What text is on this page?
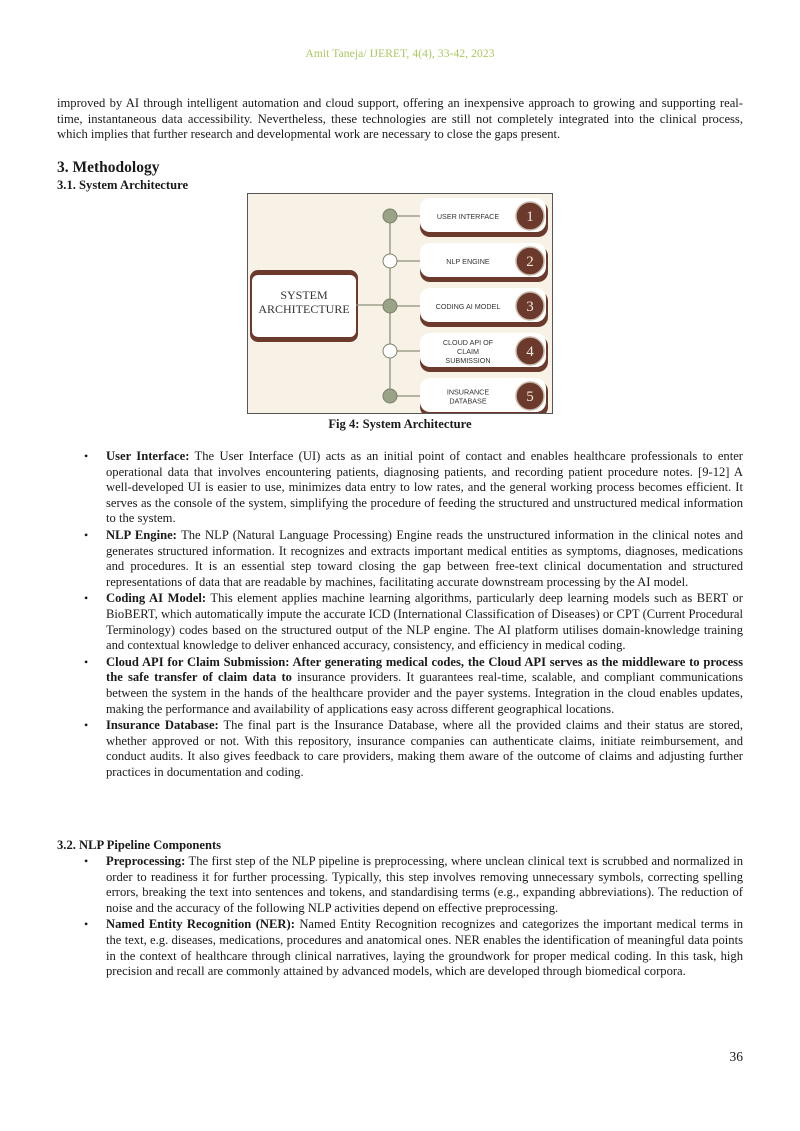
Amit Taneja/ IJERET, 4(4), 33-42, 2023
improved by AI through intelligent automation and cloud support, offering an inexpensive approach to growing and supporting real-time, instantaneous data accessibility. Nevertheless, these technologies are still not completely integrated into the clinical process, which implies that further research and developmental work are necessary to close the gaps present.
3. Methodology
3.1. System Architecture
SYSTEM
ARCHITECTURE
USER INTERFACE 1
NLP ENGINE 2
CODING AI MODEL 3
CLOUD API OF
CLAIM
SUBMISSION
4
INSURANCE
DATABASE	5
Fig 4: System Architecture
• User Interface: The User Interface (UI) acts as an initial point of contact and enables healthcare professionals to enter operational data that involves encountering patients, diagnosing patients, and recording patient procedure notes. [9-12] A well-developed UI is easier to use, minimizes data entry to low rates, and the general working process becomes efficient. It serves as the console of the system, simplifying the procedure of feeding the structured and unstructured medical information to the system.
• NLP Engine: The NLP (Natural Language Processing) Engine reads the unstructured information in the clinical notes and generates structured information. It recognizes and extracts important medical entities as symptoms, diagnoses, medications and procedures. It is an essential step toward closing the gap between free-text clinical documentation and structured representations of data that are readable by machines, facilitating accurate downstream processing by the AI model.
• Coding AI Model: This element applies machine learning algorithms, particularly deep learning models such as BERT or BioBERT, which automatically impute the accurate ICD (International Classification of Diseases) or CPT (Current Procedural Terminology) codes based on the structured output of the NLP engine. The AI platform utilises domain-knowledge training and contextual knowledge to deliver enhanced accuracy, consistency, and efficiency in medical coding.
• Cloud API for Claim Submission: After generating medical codes, the Cloud API serves as the middleware to process the safe transfer of claim data to insurance providers. It guarantees real-time, scalable, and compliant communications between the system in the hands of the healthcare provider and the payer systems. Integration in the cloud enables updates, making the performance and availability of applications easy across different geographical locations.
• Insurance Database: The final part is the Insurance Database, where all the provided claims and their status are stored, whether approved or not. With this repository, insurance companies can authenticate claims, initiate reimbursement, and conduct audits. It also gives feedback to care providers, making them aware of the outcome of claims and adjusting further practices in documentation and coding.
3.2. NLP Pipeline Components
• Preprocessing: The first step of the NLP pipeline is preprocessing, where unclean clinical text is scrubbed and normalized in order to readiness it for further processing. Typically, this step involves removing unnecessary symbols, correcting spelling errors, breaking the text into sentences and tokens, and standardising terms (e.g., expanding abbreviations). The reduction of noise and the accuracy of the following NLP activities depend on effective preprocessing.
• Named Entity Recognition (NER): Named Entity Recognition recognizes and categorizes the important medical terms in the text, e.g. diseases, medications, procedures and anatomical ones. NER enables the identification of meaningful data points in the context of healthcare through clinical narratives, laying the groundwork for proper medical coding. In this task, high precision and recall are commonly attained by advanced models, which are developed through biomedical corpora.
36
